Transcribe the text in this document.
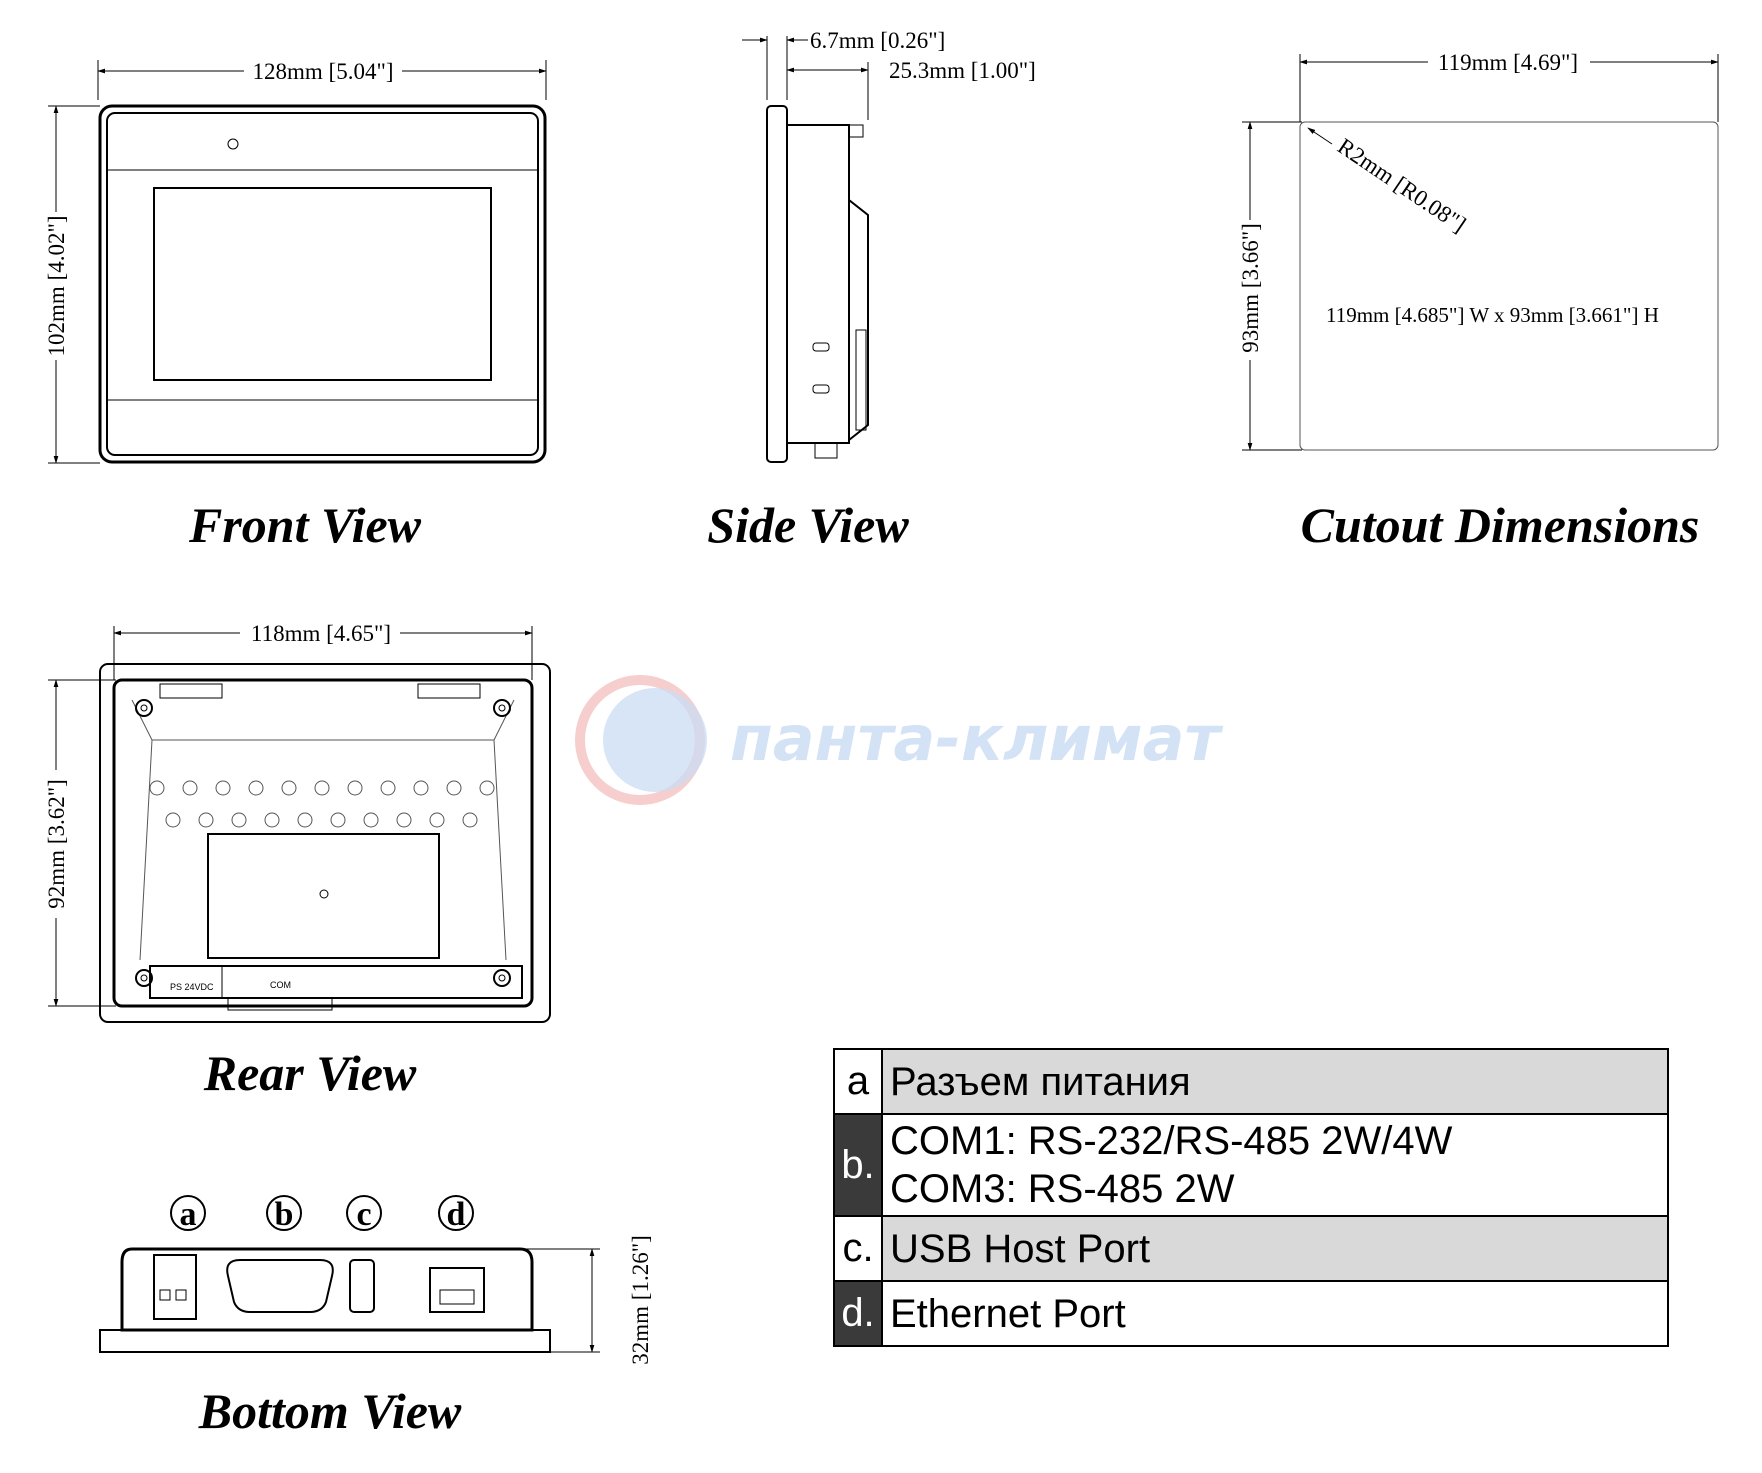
панта-климат
128mm [5.04"]
102mm [4.02"]
Front View
6.7mm [0.26"]
25.3mm [1.00"]
Side View
119mm [4.69"]
93mm [3.66"]
R2mm [R0.08"]
119mm [4.685"] W x 93mm [3.661"] H
Cutout Dimensions
118mm [4.65"]
92mm [3.62"]
PS 24VDC	COM
Rear View
a b c d
32mm [1.26"]
Bottom View
a	Разъем питания
b.	COM1: RS-232/RS-485 2W/4W
COM3: RS-485 2W

c.	USB Host Port
d.	Ethernet Port
